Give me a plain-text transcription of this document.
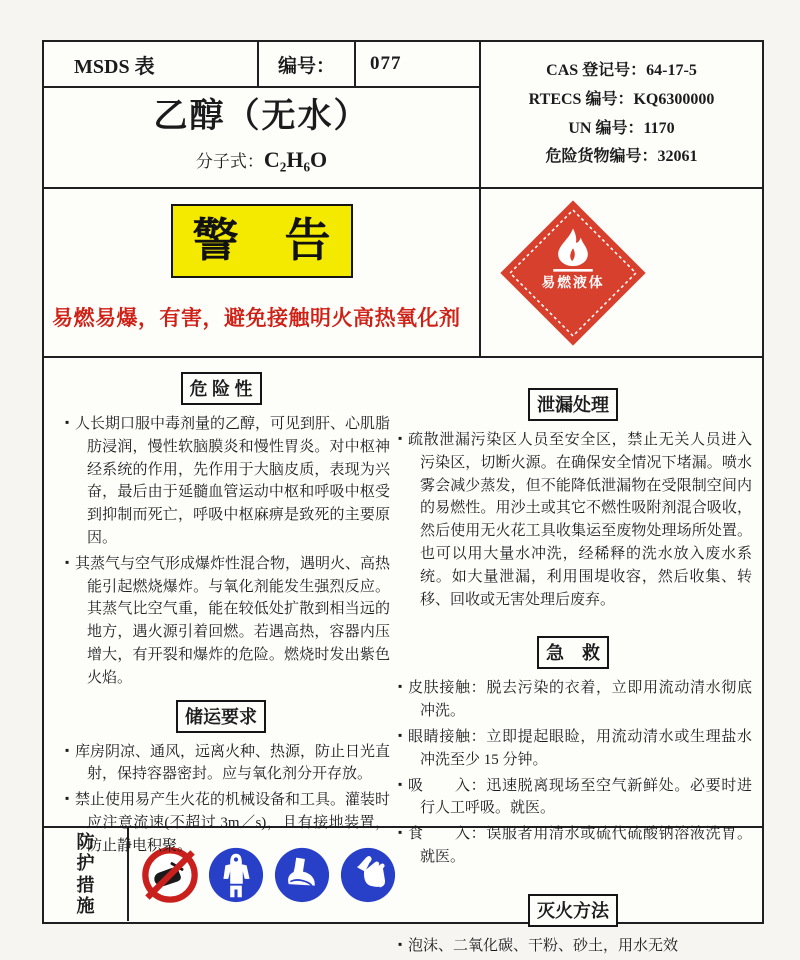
MSDS 表	编号：	077	CAS 登记号：64-17-5
RTECS 编号：KQ6300000
UN 编号：1170
危险货物编号：32061
乙醇（无水）
分子式：C₂H₆O
警　告
易燃易爆，有害，避免接触明火高热氧化剂
易燃液体
危 险 性
▪ 人长期口服中毒剂量的乙醇，可见到肝、心肌脂肪浸润，慢性软脑膜炎和慢性胃炎。对中枢神经系统的作用，先作用于大脑皮质，表现为兴奋，最后由于延髓血管运动中枢和呼吸中枢受到抑制而死亡，呼吸中枢麻痹是致死的主要原因。
▪ 其蒸气与空气形成爆炸性混合物，遇明火、高热能引起燃烧爆炸。与氧化剂能发生强烈反应。其蒸气比空气重，能在较低处扩散到相当远的地方，遇火源引着回燃。若遇高热，容器内压增大，有开裂和爆炸的危险。燃烧时发出紫色火焰。
储运要求
▪ 库房阴凉、通风，远离火种、热源，防止日光直射，保持容器密封。应与氧化剂分开存放。
▪ 禁止使用易产生火花的机械设备和工具。灌装时应注意流速(不超过 3m／s)，且有接地装置，防止静电积聚。
泄漏处理
▪ 疏散泄漏污染区人员至安全区，禁止无关人员进入污染区，切断火源。在确保安全情况下堵漏。喷水雾会减少蒸发，但不能降低泄漏物在受限制空间内的易燃性。用沙土或其它不燃性吸附剂混合吸收，然后使用无火花工具收集运至废物处理场所处置。也可以用大量水冲洗，经稀释的洗水放入废水系统。如大量泄漏，利用围堤收容，然后收集、转移、回收或无害处理后废弃。
急　救
▪ 皮肤接触：脱去污染的衣着，立即用流动清水彻底冲洗。
▪ 眼睛接触：立即提起眼睑，用流动清水或生理盐水冲洗至少 15 分钟。
▪ 吸　　入：迅速脱离现场至空气新鲜处。必要时进行人工呼吸。就医。
▪ 食　　入：误服者用清水或硫代硫酸钠溶液洗胃。就医。
灭火方法
▪ 泡沫、二氧化碳、干粉、砂土，用水无效
防护措施
